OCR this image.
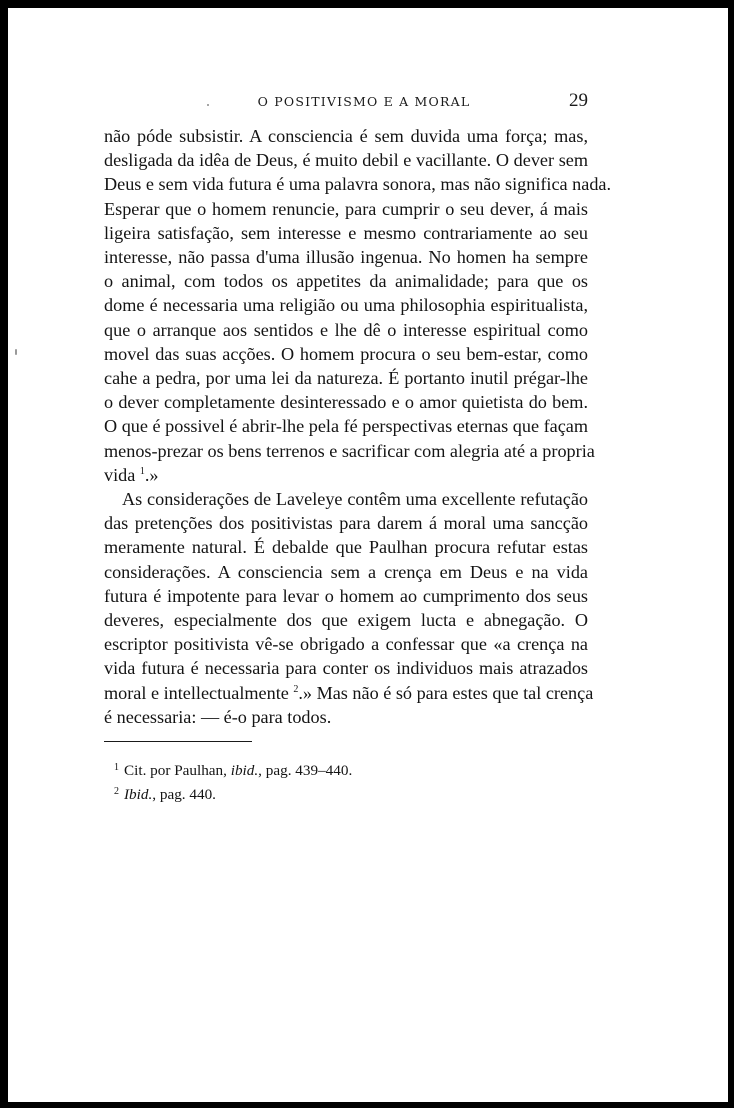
O POSITIVISMO E A MORAL	29
não póde subsistir. A consciencia é sem duvida uma força; mas,
desligada da idêa de Deus, é muito debil e vacillante. O dever sem
Deus e sem vida futura é uma palavra sonora, mas não significa nada.
Esperar que o homem renuncie, para cumprir o seu dever, á mais
ligeira satisfação, sem interesse e mesmo contrariamente ao seu
interesse, não passa d'uma illusão ingenua. No homen ha sempre
o animal, com todos os appetites da animalidade; para que os
dome é necessaria uma religião ou uma philosophia espiritualista,
que o arranque aos sentidos e lhe dê o interesse espiritual como
movel das suas acções. O homem procura o seu bem-estar, como
cahe a pedra, por uma lei da natureza. É portanto inutil prégar-lhe
o dever completamente desinteressado e o amor quietista do bem.
O que é possivel é abrir-lhe pela fé perspectivas eternas que façam
menos-prezar os bens terrenos e sacrificar com alegria até a propria
vida $^1$.»
As considerações de Laveleye contêm uma excellente refutação
das pretenções dos positivistas para darem á moral uma sancção
meramente natural. É debalde que Paulhan procura refutar estas
considerações. A consciencia sem a crença em Deus e na vida
futura é impotente para levar o homem ao cumprimento dos seus
deveres, especialmente dos que exigem lucta e abnegação. O
escriptor positivista vê-se obrigado a confessar que «a crença na
vida futura é necessaria para conter os individuos mais atrazados
moral e intellectualmente $^2$.» Mas não é só para estes que tal crença
é necessaria: — é-o para todos.
$^1$ Cit. por Paulhan, ibid., pag. 439–440.
$^2$ Ibid., pag. 440.
